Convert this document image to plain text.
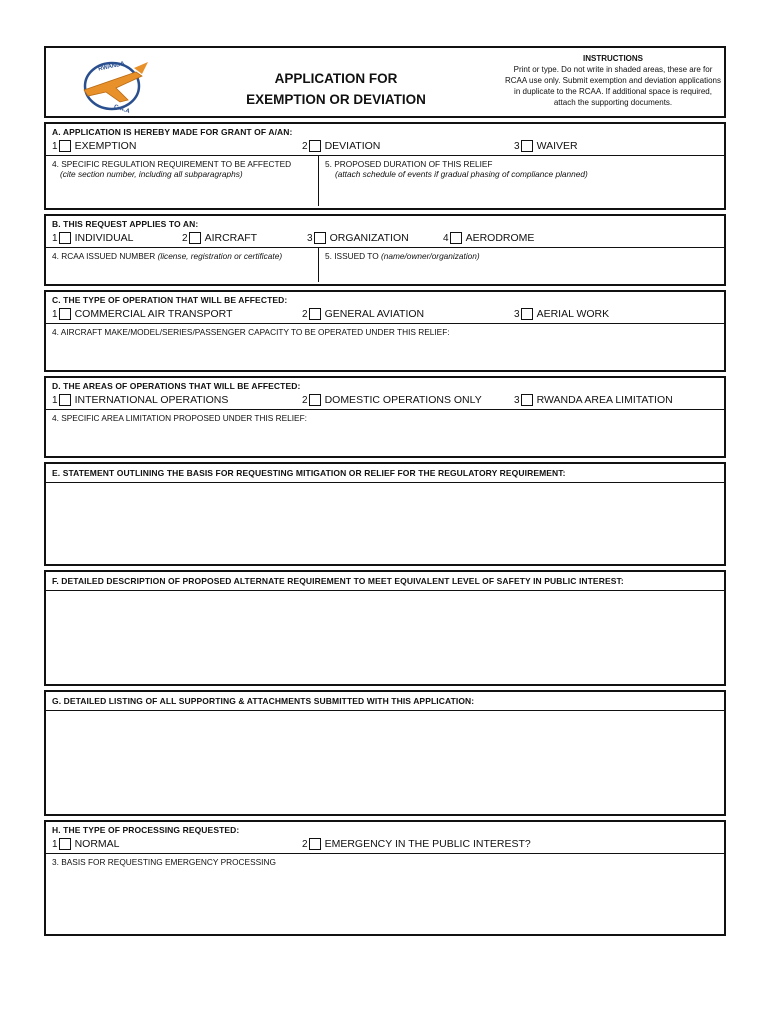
RWANDA
C.A.A
APPLICATION FOR
EXEMPTION OR DEVIATION
INSTRUCTIONS
Print or type. Do not write in shaded areas, these are for RCAA use only. Submit exemption and deviation applications in duplicate to the RCAA. If additional space is required, attach the supporting documents.
A. APPLICATION IS HEREBY MADE FOR GRANT OF A/AN:
1 EXEMPTION	2 DEVIATION	3 WAIVER
4. SPECIFIC REGULATION REQUIREMENT TO BE AFFECTED
(cite section number, including all subparagraphs)
5. PROPOSED DURATION OF THIS RELIEF
(attach schedule of events if gradual phasing of compliance planned)
B. THIS REQUEST APPLIES TO AN:
1 INDIVIDUAL	2 AIRCRAFT	3 ORGANIZATION	4 AERODROME
4. RCAA ISSUED NUMBER (license, registration or certificate)	5. ISSUED TO (name/owner/organization)
C. THE TYPE OF OPERATION THAT WILL BE AFFECTED:
1 COMMERCIAL AIR TRANSPORT	2 GENERAL AVIATION	3 AERIAL WORK
4. AIRCRAFT MAKE/MODEL/SERIES/PASSENGER CAPACITY TO BE OPERATED UNDER THIS RELIEF:
D. THE AREAS OF OPERATIONS THAT WILL BE AFFECTED:
1 INTERNATIONAL OPERATIONS	2 DOMESTIC OPERATIONS ONLY	3 RWANDA AREA LIMITATION
4. SPECIFIC AREA LIMITATION PROPOSED UNDER THIS RELIEF:
E. STATEMENT OUTLINING THE BASIS FOR REQUESTING MITIGATION OR RELIEF FOR THE REGULATORY REQUIREMENT:
F. DETAILED DESCRIPTION OF PROPOSED ALTERNATE REQUIREMENT TO MEET EQUIVALENT LEVEL OF SAFETY IN PUBLIC INTEREST:
G. DETAILED LISTING OF ALL SUPPORTING & ATTACHMENTS SUBMITTED WITH THIS APPLICATION:
H. THE TYPE OF PROCESSING REQUESTED:
1 NORMAL	2 EMERGENCY IN THE PUBLIC INTEREST?
3. BASIS FOR REQUESTING EMERGENCY PROCESSING
